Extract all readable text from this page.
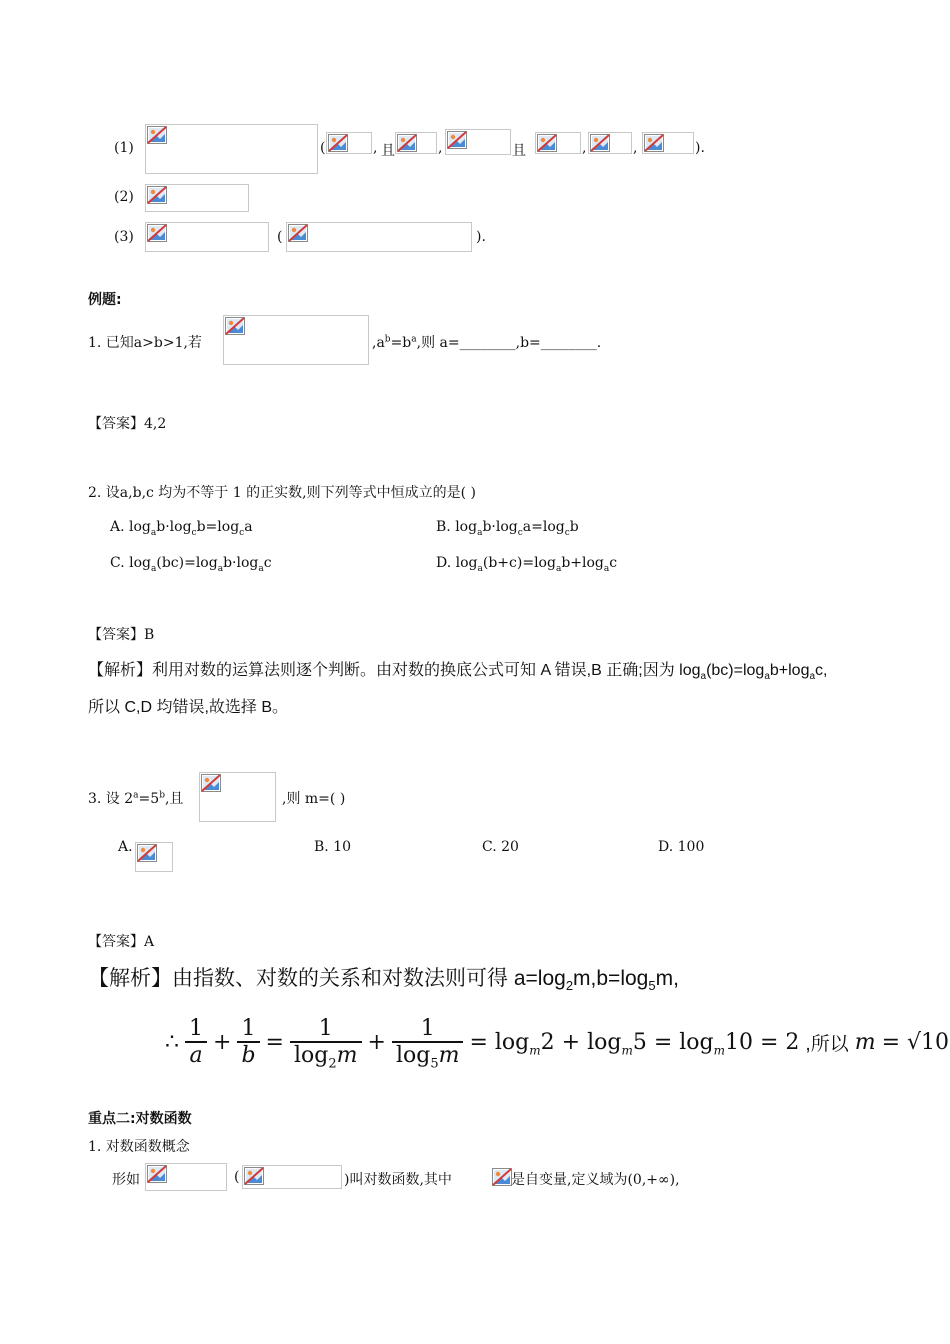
(1)	(	, 且	,	且	,	,	).
(2)
(3)	(	).
例题:
1. 已知a>b>1,若	$,a^b=b^a$,则 a=________,b=________.
【答案】4,2
2. 设a,b,c 均为不等于 1 的正实数,则下列等式中恒成立的是( )
A. $\log_ab\cdot\log_cb=\log_ca$	B. $\log_ab\cdot\log_ca=\log_cb$
C. $\log_a(bc)=\log_ab\cdot\log_ac$	D. $\log_a(b+c)=\log_ab+\log_ac$
【答案】B
【解析】利用对数的运算法则逐个判断。由对数的换底公式可知 A 错误,B 正确;因为 $\log_a(bc)=\log_ab+\log_ac$,
所以 C,D 均错误,故选择 B。
3. 设 $2^a=5^b$,且	,则 m=( )
A.	B. 10	C. 20	D. 100
【答案】A
【解析】由指数、对数的关系和对数法则可得 $a=\log_2m,b=\log_5m$,
∴ $\frac{1}{a} + \frac{1}{b} = \frac{1}{\log_2m} + \frac{1}{\log_5m} = \log_m2 + \log_m5 = \log_m10 = 2$ ,所以 m = √10
重点二:对数函数
1. 对数函数概念
形如	(	)叫对数函数,其中	是自变量,定义域为(0,+∞),
